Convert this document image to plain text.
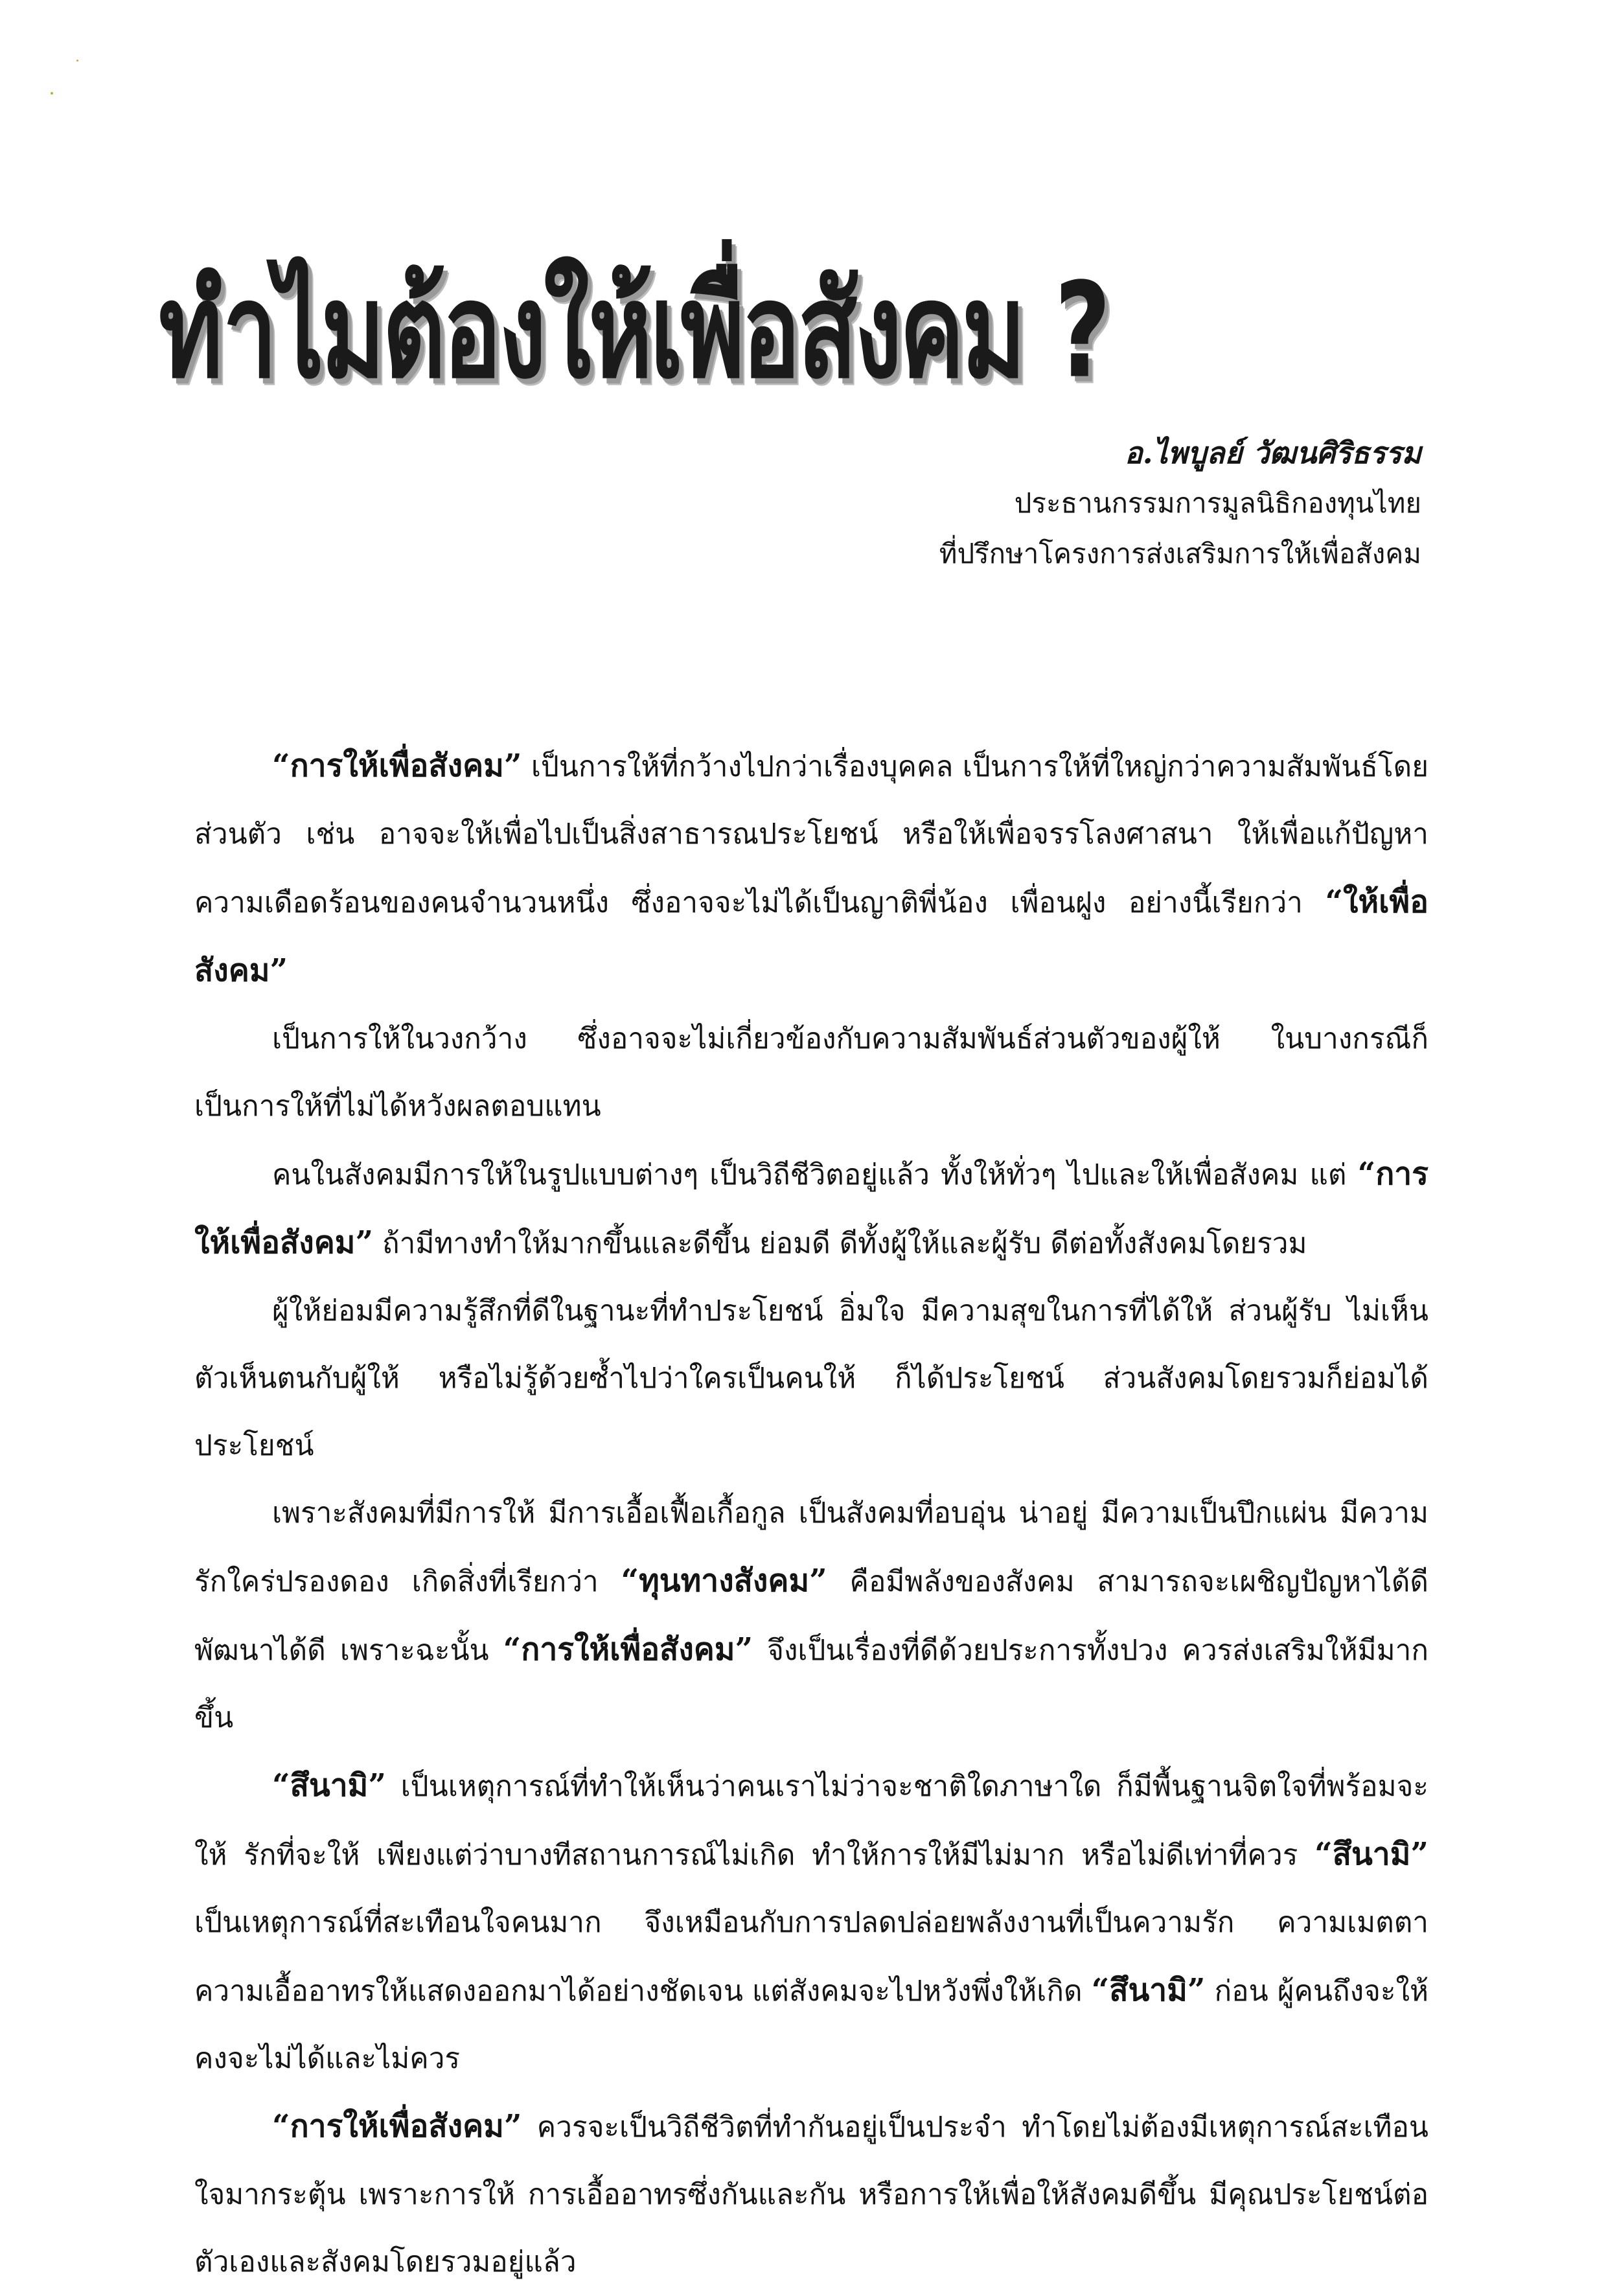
ทำไมต้องให้เพื่อสังคม ?
อ.ไพบูลย์ วัฒนศิริธรรม
ประธานกรรมการมูลนิธิกองทุนไทย
ที่ปรึกษาโครงการส่งเสริมการให้เพื่อสังคม

“การให้เพื่อสังคม” เป็นการให้ที่กว้างไปกว่าเรื่องบุคคล เป็นการให้ที่ใหญ่กว่าความสัมพันธ์โดยส่วนตัว เช่น อาจจะให้เพื่อไปเป็นสิ่งสาธารณประโยชน์ หรือให้เพื่อจรรโลงศาสนา ให้เพื่อแก้ปัญหาความเดือดร้อนของคนจำนวนหนึ่ง ซึ่งอาจจะไม่ได้เป็นญาติพี่น้อง เพื่อนฝูง อย่างนี้เรียกว่า “ให้เพื่อสังคม”

เป็นการให้ในวงกว้าง ซึ่งอาจจะไม่เกี่ยวข้องกับความสัมพันธ์ส่วนตัวของผู้ให้ ในบางกรณีก็เป็นการให้ที่ไม่ได้หวังผลตอบแทน

คนในสังคมมีการให้ในรูปแบบต่างๆ เป็นวิถีชีวิตอยู่แล้ว ทั้งให้ทั่วๆ ไปและให้เพื่อสังคม แต่ “การให้เพื่อสังคม” ถ้ามีทางทำให้มากขึ้นและดีขึ้น ย่อมดี ดีทั้งผู้ให้และผู้รับ ดีต่อทั้งสังคมโดยรวม

ผู้ให้ย่อมมีความรู้สึกที่ดีในฐานะที่ทำประโยชน์ อิ่มใจ มีความสุขในการที่ได้ให้ ส่วนผู้รับ ไม่เห็นตัวเห็นตนกับผู้ให้ หรือไม่รู้ด้วยซ้ำไปว่าใครเป็นคนให้ ก็ได้ประโยชน์ ส่วนสังคมโดยรวมก็ย่อมได้ประโยชน์

เพราะสังคมที่มีการให้ มีการเอื้อเฟื้อเกื้อกูล เป็นสังคมที่อบอุ่น น่าอยู่ มีความเป็นปึกแผ่น มีความรักใคร่ปรองดอง เกิดสิ่งที่เรียกว่า “ทุนทางสังคม” คือมีพลังของสังคม สามารถจะเผชิญปัญหาได้ดี พัฒนาได้ดี เพราะฉะนั้น “การให้เพื่อสังคม” จึงเป็นเรื่องที่ดีด้วยประการทั้งปวง ควรส่งเสริมให้มีมากขึ้น

“สึนามิ” เป็นเหตุการณ์ที่ทำให้เห็นว่าคนเราไม่ว่าจะชาติใดภาษาใด ก็มีพื้นฐานจิตใจที่พร้อมจะให้ รักที่จะให้ เพียงแต่ว่าบางทีสถานการณ์ไม่เกิด ทำให้การให้มีไม่มาก หรือไม่ดีเท่าที่ควร “สึนามิ” เป็นเหตุการณ์ที่สะเทือนใจคนมาก จึงเหมือนกับการปลดปล่อยพลังงานที่เป็นความรัก ความเมตตา ความเอื้ออาทรให้แสดงออกมาได้อย่างชัดเจน แต่สังคมจะไปหวังพึ่งให้เกิด “สึนามิ” ก่อน ผู้คนถึงจะให้ คงจะไม่ได้และไม่ควร

“การให้เพื่อสังคม” ควรจะเป็นวิถีชีวิตที่ทำกันอยู่เป็นประจำ ทำโดยไม่ต้องมีเหตุการณ์สะเทือนใจมากระตุ้น เพราะการให้ การเอื้ออาทรซึ่งกันและกัน หรือการให้เพื่อให้สังคมดีขึ้น มีคุณประโยชน์ต่อตัวเองและสังคมโดยรวมอยู่แล้ว
